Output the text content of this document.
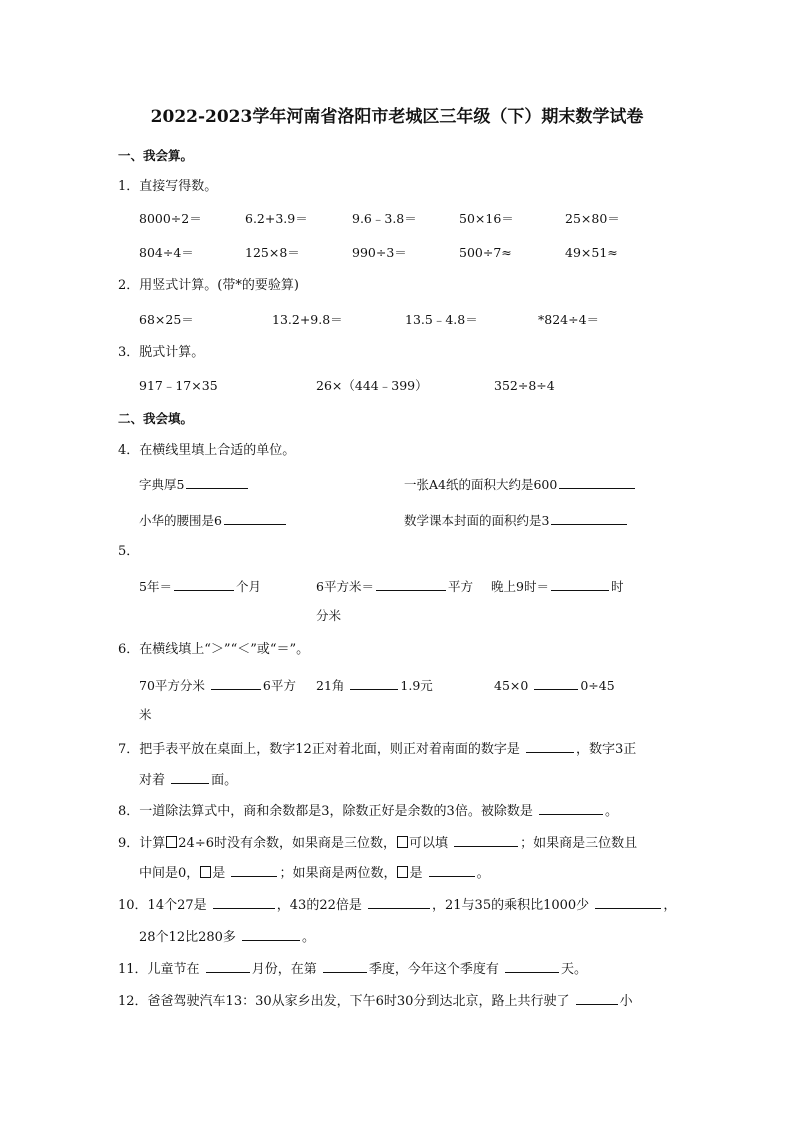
2022-2023学年河南省洛阳市老城区三年级（下）期末数学试卷
一、我会算。
1．直接写得数。
8000÷2＝	6.2+3.9＝	9.6﹣3.8＝	50×16＝	25×80＝
804÷4＝	125×8＝	990÷3＝	500÷7≈	49×51≈
2．用竖式计算。(带*的要验算)
68×25＝	13.2+9.8＝	13.5﹣4.8＝	*824÷4＝
3．脱式计算。
917﹣17×35	26×（444﹣399）	352÷8÷4
二、我会填。
4．在横线里填上合适的单位。
字典厚5	一张A4纸的面积大约是600
小华的腰围是6	数学课本封面的面积约是3
5．
5年＝	个月	6平方米＝	平方
分米
晚上9时＝	时
6．在横线填上“＞”“＜”或“＝”。
70平方分米	6平方
米
21角	1.9元	45×0	0÷45
7．把手表平放在桌面上，数字12正对着北面，则正对着南面的数字是	，数字3正
对着	面。
8．一道除法算式中，商和余数都是3，除数正好是余数的3倍。被除数是	。
9．计算 24÷6时没有余数，如果商是三位数， 可以填	；如果商是三位数且
中间是0， 是	；如果商是两位数， 是	。
10．14个27是	，43的22倍是	，21与35的乘积比1000少	，
28个12比280多	。
11．儿童节在	月份，在第	季度，今年这个季度有	天。
12．爸爸驾驶汽车13：30从家乡出发，下午6时30分到达北京，路上共行驶了	小
